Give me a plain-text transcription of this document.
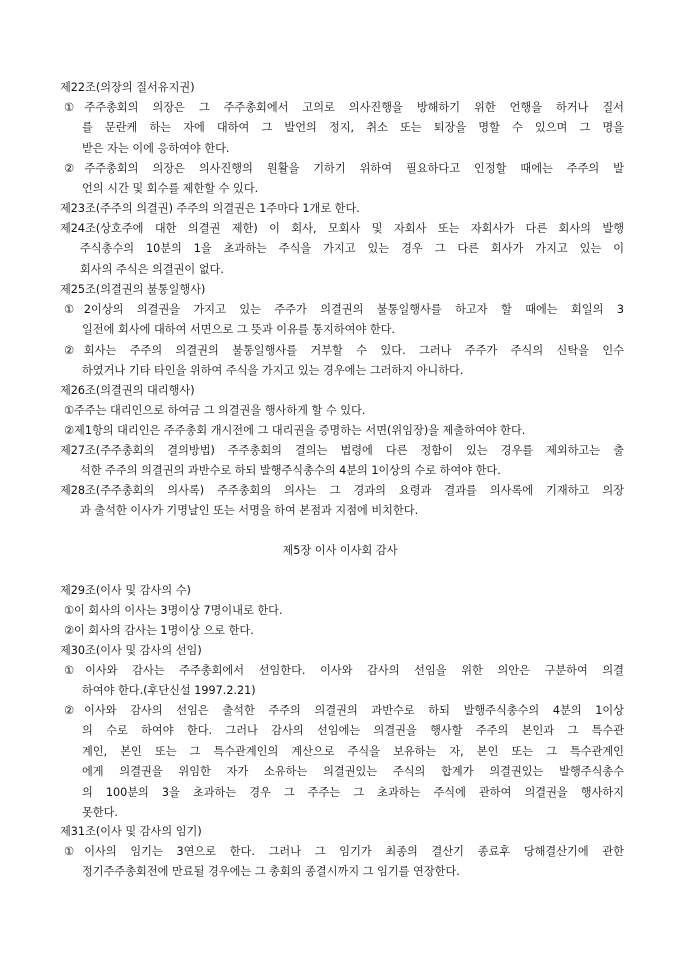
제22조(의장의 질서유지권)
①주주총회의 의장은 그 주주총회에서 고의로 의사진행을 방해하기 위한 언행을 하거나 질서
를 문란케 하는 자에 대하여 그 발언의 정지, 취소 또는 퇴장을 명할 수 있으며 그 명을
받은 자는 이에 응하여야 한다.
②주주총회의 의장은 의사진행의 원활을 기하기 위하여 필요하다고 인정할 때에는 주주의 발
언의 시간 및 회수를 제한할 수 있다.
제23조(주주의 의결권) 주주의 의결권은 1주마다 1개로 한다.
제24조(상호주에 대한 의결권 제한) 이 회사, 모회사 및 자회사 또는 자회사가 다른 회사의 발행
주식총수의 10분의 1을 초과하는 주식을 가지고 있는 경우 그 다른 회사가 가지고 있는 이
회사의 주식은 의결권이 없다.
제25조(의결권의 불통일행사)
①2이상의 의결권을 가지고 있는 주주가 의결권의 불통일행사를 하고자 할 때에는 회일의 3
일전에 회사에 대하여 서면으로 그 뜻과 이유를 통지하여야 한다.
②회사는 주주의 의결권의 불통일행사를 거부할 수 있다. 그러나 주주가 주식의 신탁을 인수
하였거나 기타 타인을 위하여 주식을 가지고 있는 경우에는 그러하지 아니하다.
제26조(의결권의 대리행사)
①주주는 대리인으로 하여금 그 의결권을 행사하게 할 수 있다.
②제1항의 대리인은 주주총회 개시전에 그 대리권을 증명하는 서면(위임장)을 제출하여야 한다.
제27조(주주총회의 결의방법) 주주총회의 결의는 법령에 다른 정함이 있는 경우를 제외하고는 출
석한 주주의 의결권의 과반수로 하되 발행주식총수의 4분의 1이상의 수로 하여야 한다.
제28조(주주총회의 의사록) 주주총회의 의사는 그 경과의 요령과 결과를 의사록에 기재하고 의장
과 출석한 이사가 기명날인 또는 서명을 하여 본점과 지점에 비치한다.
제5장 이사 이사회 감사
제29조(이사 및 감사의 수)
①이 회사의 이사는 3명이상 7명이내로 한다.
②이 회사의 감사는 1명이상 으로 한다.
제30조(이사 및 감사의 선임)
①이사와 감사는 주주총회에서 선임한다. 이사와 감사의 선임을 위한 의안은 구분하여 의결
하여야 한다.(후단신설 1997.2.21)
②이사와 감사의 선임은 출석한 주주의 의결권의 과반수로 하되 발행주식총수의 4분의 1이상
의 수로 하여야 한다. 그러나 감사의 선임에는 의결권을 행사할 주주의 본인과 그 특수관
계인, 본인 또는 그 특수관계인의 계산으로 주식을 보유하는 자, 본인 또는 그 특수관계인
에게 의결권을 위임한 자가 소유하는 의결권있는 주식의 합계가 의결권있는 발행주식총수
의 100분의 3을 초과하는 경우 그 주주는 그 초과하는 주식에 관하여 의결권을 행사하지
못한다.
제31조(이사 및 감사의 임기)
①이사의 임기는 3연으로 한다. 그러나 그 임기가 최종의 결산기 종료후 당해결산기에 관한
정기주주총회전에 만료될 경우에는 그 총회의 종결시까지 그 임기를 연장한다.
